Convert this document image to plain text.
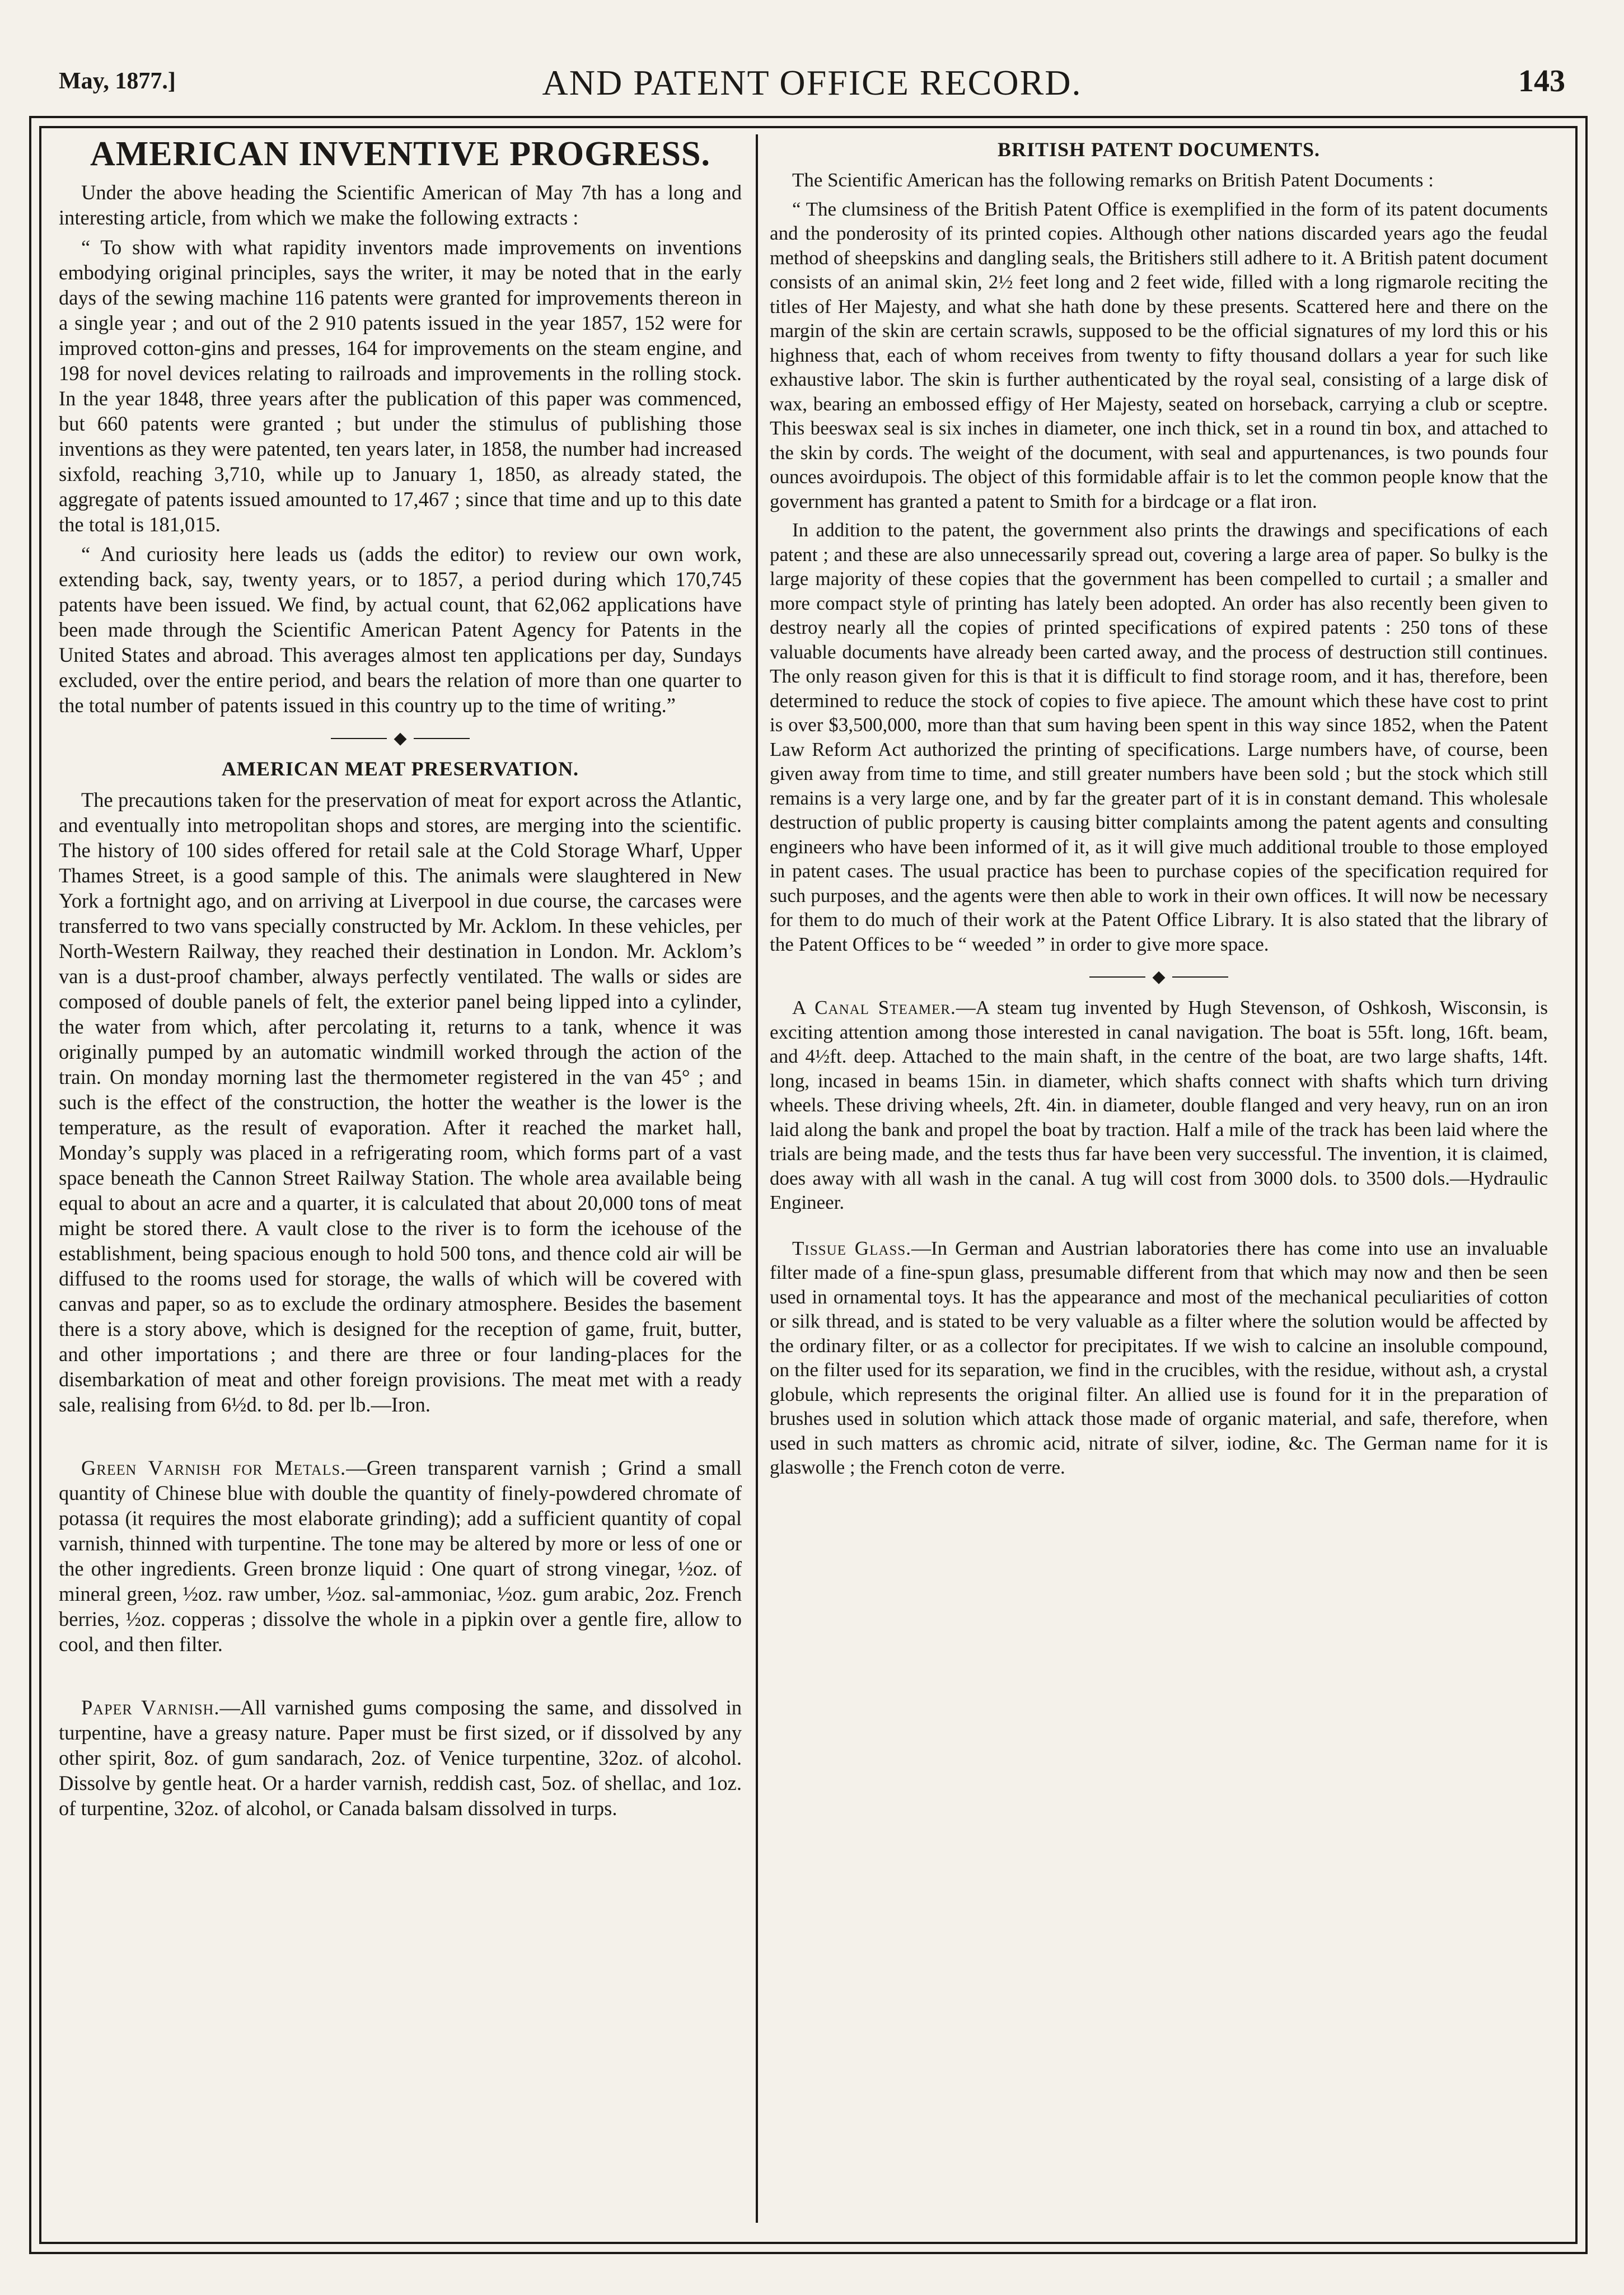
May, 1877.]	AND PATENT OFFICE RECORD.	143
AMERICAN INVENTIVE PROGRESS.

Under the above heading the Scientific American of May 7th has a long and interesting article, from which we make the following extracts :

“ To show with what rapidity inventors made improvements on inventions embodying original principles, says the writer, it may be noted that in the early days of the sewing machine 116 patents were granted for improvements thereon in a single year ; and out of the 2 910 patents issued in the year 1857, 152 were for improved cotton-gins and presses, 164 for improvements on the steam engine, and 198 for novel devices relating to railroads and improvements in the rolling stock. In the year 1848, three years after the publication of this paper was commenced, but 660 patents were granted ; but under the stimulus of publishing those inventions as they were patented, ten years later, in 1858, the number had increased sixfold, reaching 3,710, while up to January 1, 1850, as already stated, the aggregate of patents issued amounted to 17,467 ; since that time and up to this date the total is 181,015.

“ And curiosity here leads us (adds the editor) to review our own work, extending back, say, twenty years, or to 1857, a period during which 170,745 patents have been issued. We find, by actual count, that 62,062 applications have been made through the Scientific American Patent Agency for Patents in the United States and abroad. This averages almost ten applications per day, Sundays excluded, over the entire period, and bears the relation of more than one quarter to the total number of patents issued in this country up to the time of writing.”

◆
AMERICAN MEAT PRESERVATION.

The precautions taken for the preservation of meat for export across the Atlantic, and eventually into metropolitan shops and stores, are merging into the scientific. The history of 100 sides offered for retail sale at the Cold Storage Wharf, Upper Thames Street, is a good sample of this. The animals were slaughtered in New York a fortnight ago, and on arriving at Liverpool in due course, the carcases were transferred to two vans specially constructed by Mr. Acklom. In these vehicles, per North-Western Railway, they reached their destination in London. Mr. Acklom’s van is a dust-proof chamber, always perfectly ventilated. The walls or sides are composed of double panels of felt, the exterior panel being lipped into a cylinder, the water from which, after percolating it, returns to a tank, whence it was originally pumped by an automatic windmill worked through the action of the train. On monday morning last the thermometer registered in the van 45° ; and such is the effect of the construction, the hotter the weather is the lower is the temperature, as the result of evaporation. After it reached the market hall, Monday’s supply was placed in a refrigerating room, which forms part of a vast space beneath the Cannon Street Railway Station. The whole area available being equal to about an acre and a quarter, it is calculated that about 20,000 tons of meat might be stored there. A vault close to the river is to form the icehouse of the establishment, being spacious enough to hold 500 tons, and thence cold air will be diffused to the rooms used for storage, the walls of which will be covered with canvas and paper, so as to exclude the ordinary atmosphere. Besides the basement there is a story above, which is designed for the reception of game, fruit, butter, and other importations ; and there are three or four landing-places for the disembarkation of meat and other foreign provisions. The meat met with a ready sale, realising from 6½d. to 8d. per lb.—Iron.

Green Varnish for Metals.—Green transparent varnish ; Grind a small quantity of Chinese blue with double the quantity of finely-powdered chromate of potassa (it requires the most elaborate grinding); add a sufficient quantity of copal varnish, thinned with turpentine. The tone may be altered by more or less of one or the other ingredients. Green bronze liquid : One quart of strong vinegar, ½oz. of mineral green, ½oz. raw umber, ½oz. sal-ammoniac, ½oz. gum arabic, 2oz. French berries, ½oz. copperas ; dissolve the whole in a pipkin over a gentle fire, allow to cool, and then filter.

Paper Varnish.—All varnished gums composing the same, and dissolved in turpentine, have a greasy nature. Paper must be first sized, or if dissolved by any other spirit, 8oz. of gum sandarach, 2oz. of Venice turpentine, 32oz. of alcohol. Dissolve by gentle heat. Or a harder varnish, reddish cast, 5oz. of shellac, and 1oz. of turpentine, 32oz. of alcohol, or Canada balsam dissolved in turps.

BRITISH PATENT DOCUMENTS.

The Scientific American has the following remarks on British Patent Documents :

“ The clumsiness of the British Patent Office is exemplified in the form of its patent documents and the ponderosity of its printed copies. Although other nations discarded years ago the feudal method of sheepskins and dangling seals, the Britishers still adhere to it. A British patent document consists of an animal skin, 2½ feet long and 2 feet wide, filled with a long rigmarole reciting the titles of Her Majesty, and what she hath done by these presents. Scattered here and there on the margin of the skin are certain scrawls, supposed to be the official signatures of my lord this or his highness that, each of whom receives from twenty to fifty thousand dollars a year for such like exhaustive labor. The skin is further authenticated by the royal seal, consisting of a large disk of wax, bearing an embossed effigy of Her Majesty, seated on horseback, carrying a club or sceptre. This beeswax seal is six inches in diameter, one inch thick, set in a round tin box, and attached to the skin by cords. The weight of the document, with seal and appurtenances, is two pounds four ounces avoirdupois. The object of this formidable affair is to let the common people know that the government has granted a patent to Smith for a birdcage or a flat iron.

In addition to the patent, the government also prints the drawings and specifications of each patent ; and these are also unnecessarily spread out, covering a large area of paper. So bulky is the large majority of these copies that the government has been compelled to curtail ; a smaller and more compact style of printing has lately been adopted. An order has also recently been given to destroy nearly all the copies of printed specifications of expired patents : 250 tons of these valuable documents have already been carted away, and the process of destruction still continues. The only reason given for this is that it is difficult to find storage room, and it has, therefore, been determined to reduce the stock of copies to five apiece. The amount which these have cost to print is over $3,500,000, more than that sum having been spent in this way since 1852, when the Patent Law Reform Act authorized the printing of specifications. Large numbers have, of course, been given away from time to time, and still greater numbers have been sold ; but the stock which still remains is a very large one, and by far the greater part of it is in constant demand. This wholesale destruction of public property is causing bitter complaints among the patent agents and consulting engineers who have been informed of it, as it will give much additional trouble to those employed in patent cases. The usual practice has been to purchase copies of the specification required for such purposes, and the agents were then able to work in their own offices. It will now be necessary for them to do much of their work at the Patent Office Library. It is also stated that the library of the Patent Offices to be “ weeded ” in order to give more space.

◆

A Canal Steamer.—A steam tug invented by Hugh Stevenson, of Oshkosh, Wisconsin, is exciting attention among those interested in canal navigation. The boat is 55ft. long, 16ft. beam, and 4½ft. deep. Attached to the main shaft, in the centre of the boat, are two large shafts, 14ft. long, incased in beams 15in. in diameter, which shafts connect with shafts which turn driving wheels. These driving wheels, 2ft. 4in. in diameter, double flanged and very heavy, run on an iron laid along the bank and propel the boat by traction. Half a mile of the track has been laid where the trials are being made, and the tests thus far have been very successful. The invention, it is claimed, does away with all wash in the canal. A tug will cost from 3000 dols. to 3500 dols.—Hydraulic Engineer.

Tissue Glass.—In German and Austrian laboratories there has come into use an invaluable filter made of a fine-spun glass, presumable different from that which may now and then be seen used in ornamental toys. It has the appearance and most of the mechanical peculiarities of cotton or silk thread, and is stated to be very valuable as a filter where the solution would be affected by the ordinary filter, or as a collector for precipitates. If we wish to calcine an insoluble compound, on the filter used for its separation, we find in the crucibles, with the residue, without ash, a crystal globule, which represents the original filter. An allied use is found for it in the preparation of brushes used in solution which attack those made of organic material, and safe, therefore, when used in such matters as chromic acid, nitrate of silver, iodine, &c. The German name for it is glaswolle ; the French coton de verre.
